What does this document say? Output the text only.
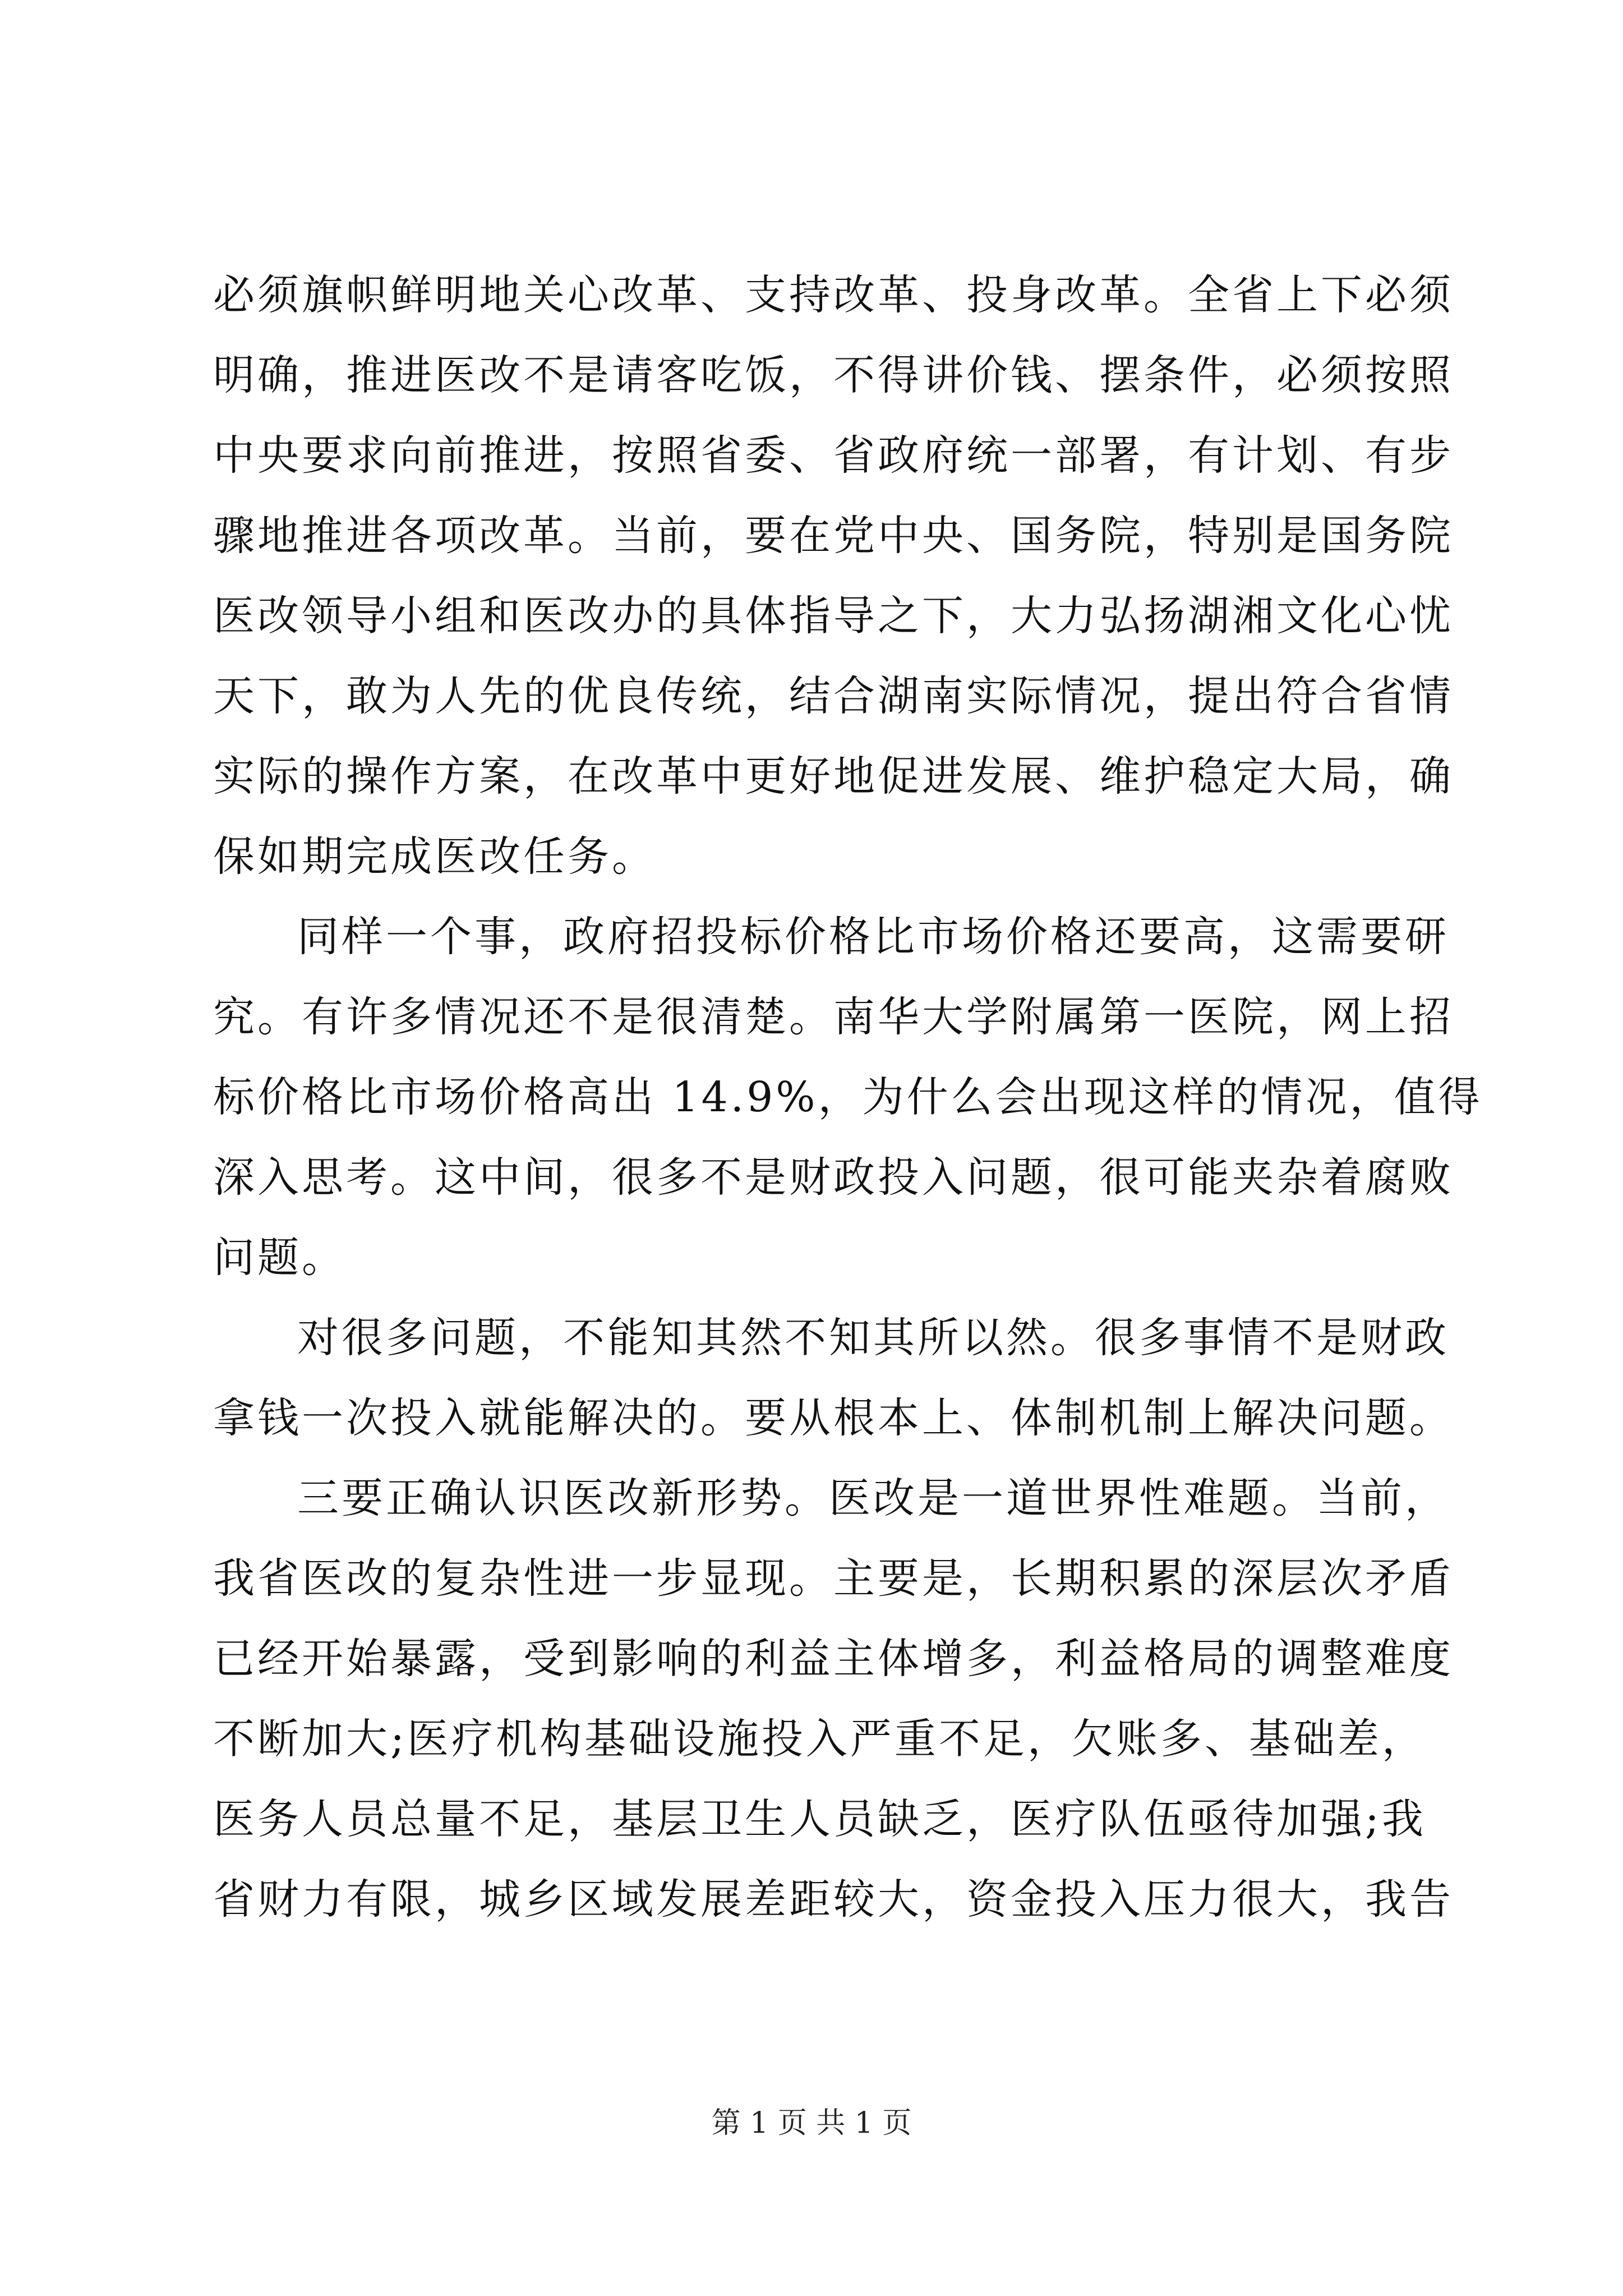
必须旗帜鲜明地关心改革、支持改革、投身改革。全省上下必须
明确，推进医改不是请客吃饭，不得讲价钱、摆条件，必须按照
中央要求向前推进，按照省委、省政府统一部署，有计划、有步
骤地推进各项改革。当前，要在党中央、国务院，特别是国务院
医改领导小组和医改办的具体指导之下，大力弘扬湖湘文化心忧
天下，敢为人先的优良传统，结合湖南实际情况，提出符合省情
实际的操作方案，在改革中更好地促进发展、维护稳定大局，确
保如期完成医改任务。
同样一个事，政府招投标价格比市场价格还要高，这需要研
究。有许多情况还不是很清楚。南华大学附属第一医院，网上招
标价格比市场价格高出 14.9%，为什么会出现这样的情况，值得
深入思考。这中间，很多不是财政投入问题，很可能夹杂着腐败
问题。
对很多问题，不能知其然不知其所以然。很多事情不是财政
拿钱一次投入就能解决的。要从根本上、体制机制上解决问题。
三要正确认识医改新形势。医改是一道世界性难题。当前，
我省医改的复杂性进一步显现。主要是，长期积累的深层次矛盾
已经开始暴露，受到影响的利益主体增多，利益格局的调整难度
不断加大;医疗机构基础设施投入严重不足，欠账多、基础差，
医务人员总量不足，基层卫生人员缺乏，医疗队伍亟待加强;我
省财力有限，城乡区域发展差距较大，资金投入压力很大，我告
第 1 页 共 1 页
